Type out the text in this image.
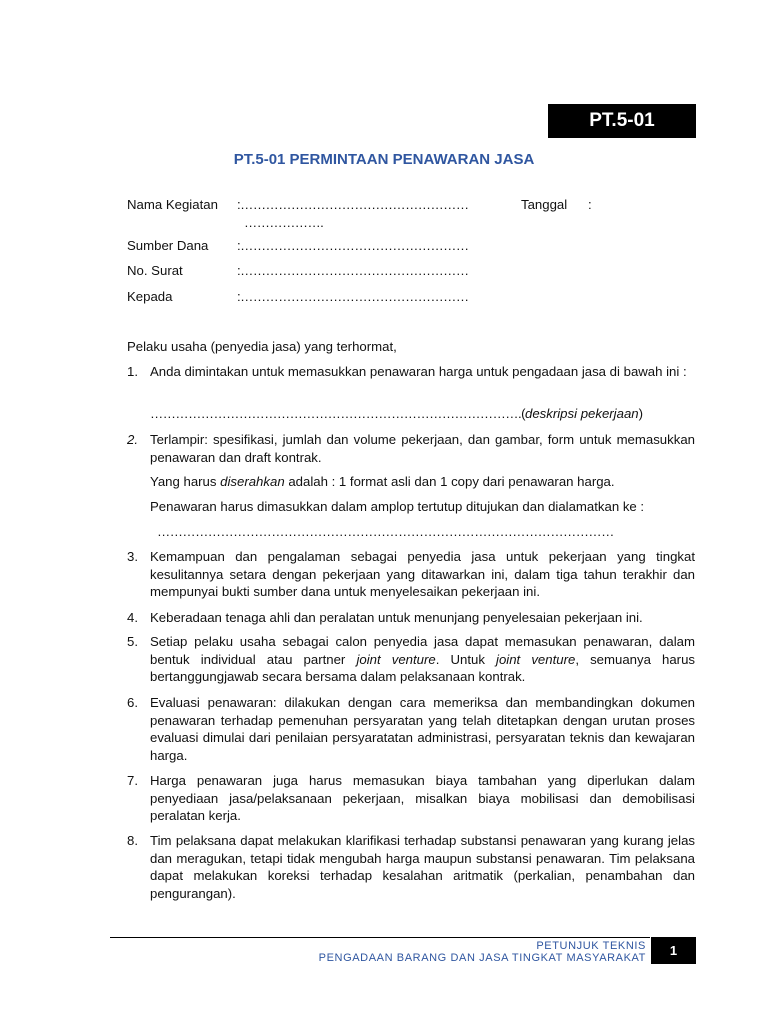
PT.5-01
PT.5-01 PERMINTAAN PENAWARAN JASA
Nama Kegiatan :………………………………………………	Tanggal :
……………….
Sumber Dana :………………………………………………
No. Surat	:………………………………………………
Kepada	:………………………………………………
Pelaku usaha (penyedia jasa) yang terhormat,
1. Anda dimintakan untuk memasukkan penawaran harga untuk pengadaan jasa di bawah ini :
…………………………………………………………………………….(deskripsi pekerjaan)
2. Terlampir: spesifikasi, jumlah dan volume pekerjaan, dan gambar, form untuk memasukkan penawaran dan draft kontrak.
Yang harus diserahkan adalah : 1 format asli dan 1 copy dari penawaran harga.
Penawaran harus dimasukkan dalam amplop tertutup ditujukan dan dialamatkan ke :
………………………………………………………………………………………………
3. Kemampuan dan pengalaman sebagai penyedia jasa untuk pekerjaan yang tingkat kesulitannya setara dengan pekerjaan yang ditawarkan ini, dalam tiga tahun terakhir dan mempunyai bukti sumber dana untuk menyelesaikan pekerjaan ini.
4. Keberadaan tenaga ahli dan peralatan untuk menunjang penyelesaian pekerjaan ini.
5. Setiap pelaku usaha sebagai calon penyedia jasa dapat memasukan penawaran, dalam bentuk individual atau partner joint venture. Untuk joint venture, semuanya harus bertanggungjawab secara bersama dalam pelaksanaan kontrak.
6. Evaluasi penawaran: dilakukan dengan cara memeriksa dan membandingkan dokumen penawaran terhadap pemenuhan persyaratan yang telah ditetapkan dengan urutan proses evaluasi dimulai dari penilaian persyaratatan administrasi, persyaratan teknis dan kewajaran harga.
7. Harga penawaran juga harus memasukan biaya tambahan yang diperlukan dalam penyediaan jasa/pelaksanaan pekerjaan, misalkan biaya mobilisasi dan demobilisasi peralatan kerja.
8. Tim pelaksana dapat melakukan klarifikasi terhadap substansi penawaran yang kurang jelas dan meragukan, tetapi tidak mengubah harga maupun substansi penawaran. Tim pelaksana dapat melakukan koreksi terhadap kesalahan aritmatik (perkalian, penambahan dan pengurangan).
PETUNJUK TEKNIS
PENGADAAN BARANG DAN JASA TINGKAT MASYARAKAT 1
